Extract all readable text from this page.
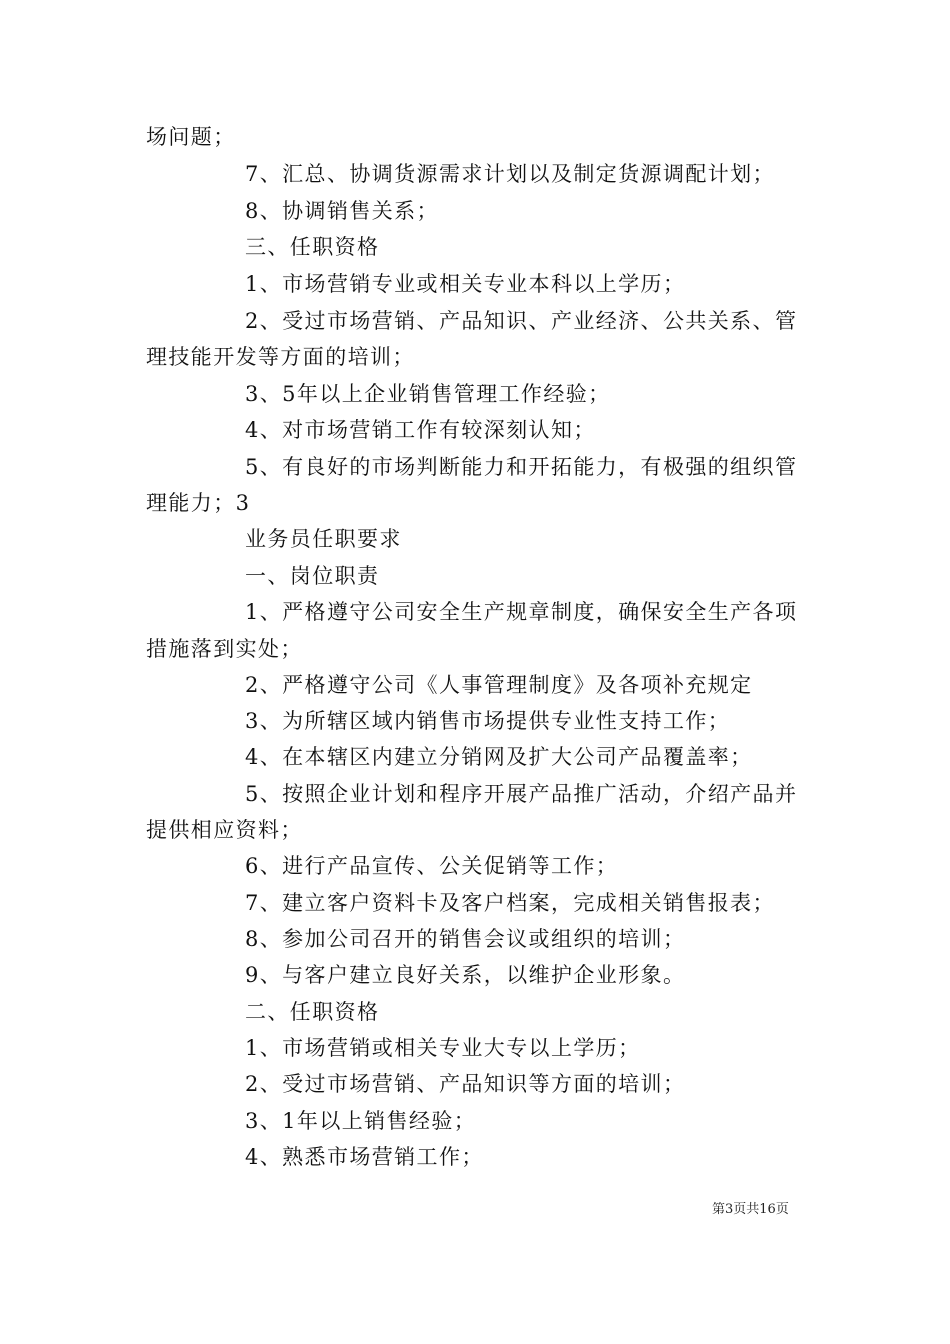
场问题；
7、汇总、协调货源需求计划以及制定货源调配计划；
8、协调销售关系；
三、任职资格
1、市场营销专业或相关专业本科以上学历；
2、受过市场营销、产品知识、产业经济、公共关系、管
理技能开发等方面的培训；
3、5年以上企业销售管理工作经验；
4、对市场营销工作有较深刻认知；
5、有良好的市场判断能力和开拓能力，有极强的组织管
理能力；3
业务员任职要求
一、岗位职责
1、严格遵守公司安全生产规章制度，确保安全生产各项
措施落到实处；
2、严格遵守公司《人事管理制度》及各项补充规定
3、为所辖区域内销售市场提供专业性支持工作；
4、在本辖区内建立分销网及扩大公司产品覆盖率；
5、按照企业计划和程序开展产品推广活动，介绍产品并
提供相应资料；
6、进行产品宣传、公关促销等工作；
7、建立客户资料卡及客户档案，完成相关销售报表；
8、参加公司召开的销售会议或组织的培训；
9、与客户建立良好关系，以维护企业形象。
二、任职资格
1、市场营销或相关专业大专以上学历；
2、受过市场营销、产品知识等方面的培训；
3、1年以上销售经验；
4、熟悉市场营销工作；
第3页共16页
